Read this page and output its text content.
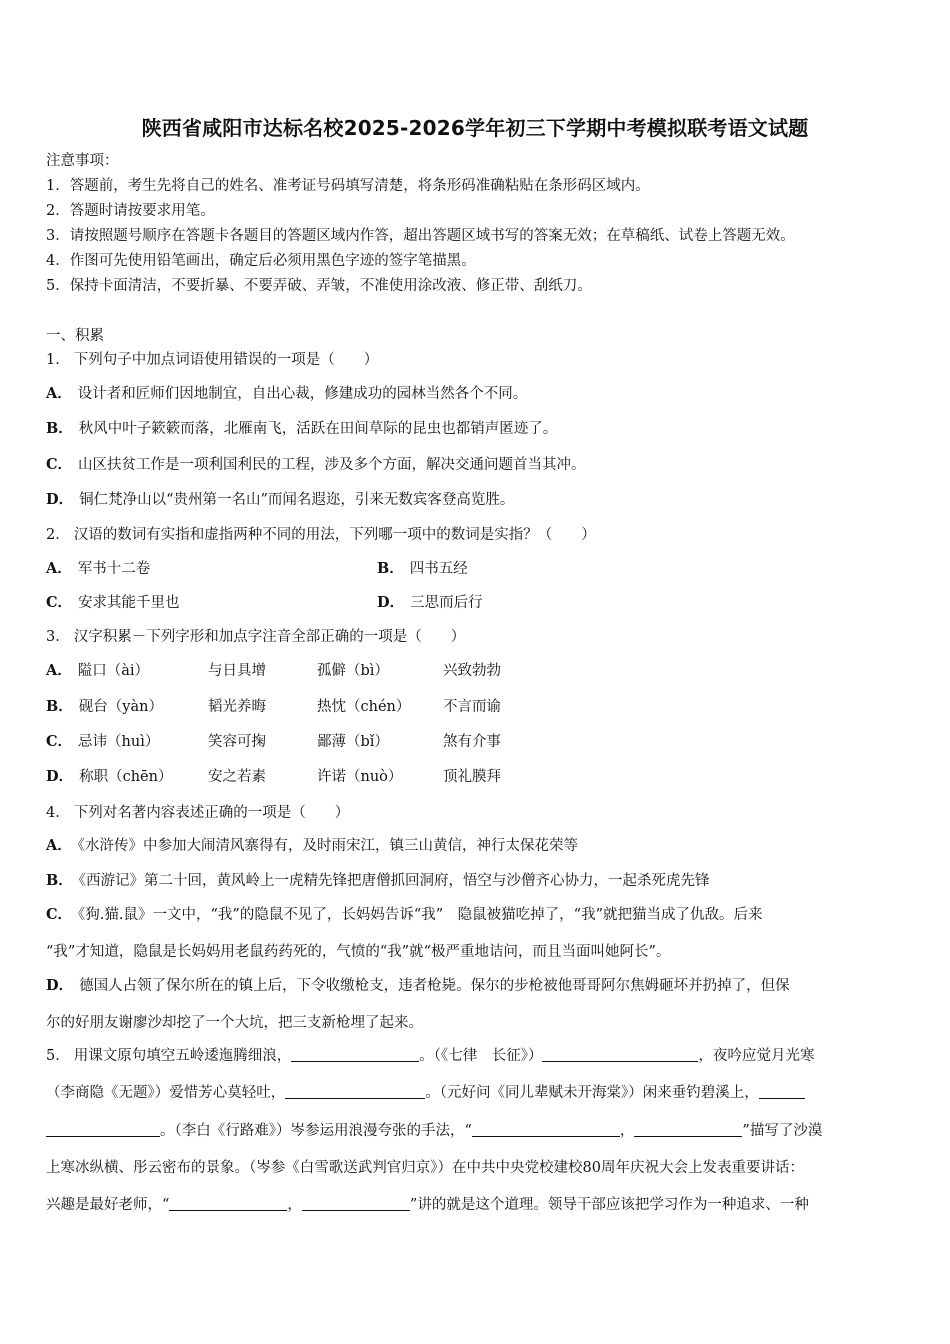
陕西省咸阳市达标名校2025-2026学年初三下学期中考模拟联考语文试题
注意事项：
1．答题前，考生先将自己的姓名、准考证号码填写清楚，将条形码准确粘贴在条形码区域内。
2．答题时请按要求用笔。
3．请按照题号顺序在答题卡各题目的答题区域内作答，超出答题区域书写的答案无效；在草稿纸、试卷上答题无效。
4．作图可先使用铅笔画出，确定后必须用黑色字迹的签字笔描黑。
5．保持卡面清洁，不要折暴、不要弄破、弄皱，不准使用涂改液、修正带、刮纸刀。
一、积累
1． 下列句子中加点词语使用错误的一项是（　　）
A． 设计者和匠师们因地制宜，自出心裁，修建成功的园林当然各个不同。
B． 秋风中叶子簌簌而落，北雁南飞，活跃在田间草际的昆虫也都销声匿迹了。
C． 山区扶贫工作是一项利国利民的工程，涉及多个方面，解决交通问题首当其冲。
D． 铜仁梵净山以“贵州第一名山”而闻名遐迩，引来无数宾客登高览胜。
2． 汉语的数词有实指和虚指两种不同的用法，下列哪一项中的数词是实指？（　　）
A． 军书十二卷	B． 四书五经
C． 安求其能千里也	D． 三思而后行
3． 汉字积累－下列字形和加点字注音全部正确的一项是（　　）
A． 隘口（ài）	与日具增	孤僻（bì）	兴致勃勃
B． 砚台（yàn）	韬光养晦	热忱（chén） 不言而谕
C． 忌讳（huì）	笑容可掬	鄙薄（bǐ）	煞有介事
D． 称职（chēn） 安之若素	许诺（nuò）	顶礼膜拜
4． 下列对名著内容表述正确的一项是（　　）
A． 《水浒传》中参加大闹清风寨得有，及时雨宋江，镇三山黄信，神行太保花荣等
B． 《西游记》第二十回，黄风岭上一虎精先锋把唐僧抓回洞府，悟空与沙僧齐心协力，一起杀死虎先锋
C． 《狗.猫.鼠》一文中，“我”的隐鼠不见了，长妈妈告诉“我”　隐鼠被猫吃掉了，“我”就把猫当成了仇敌。后来
“我”才知道，隐鼠是长妈妈用老鼠药药死的，气愤的“我”就“极严重地诘问，而且当面叫她阿长”。
D． 德国人占领了保尔所在的镇上后，下令收缴枪支，违者枪毙。保尔的步枪被他哥哥阿尔焦姆砸坏并扔掉了，但保
尔的好朋友谢廖沙却挖了一个大坑，把三支新枪埋了起来。
5． 用课文原句填空五岭逶迤腾细浪，	。（《七律　长征》）	，夜吟应觉月光寒
（李商隐《无题》）爱惜芳心莫轻吐，	。（元好问《同儿辈赋未开海棠》）闲来垂钓碧溪上，
。（李白《行路难》）岑参运用浪漫夸张的手法，“	，	”描写了沙漠
上寒冰纵横、彤云密布的景象。（岑参《白雪歌送武判官归京》）在中共中央党校建校80周年庆祝大会上发表重要讲话：
兴趣是最好老师，“	，	”讲的就是这个道理。领导干部应该把学习作为一种追求、一种
